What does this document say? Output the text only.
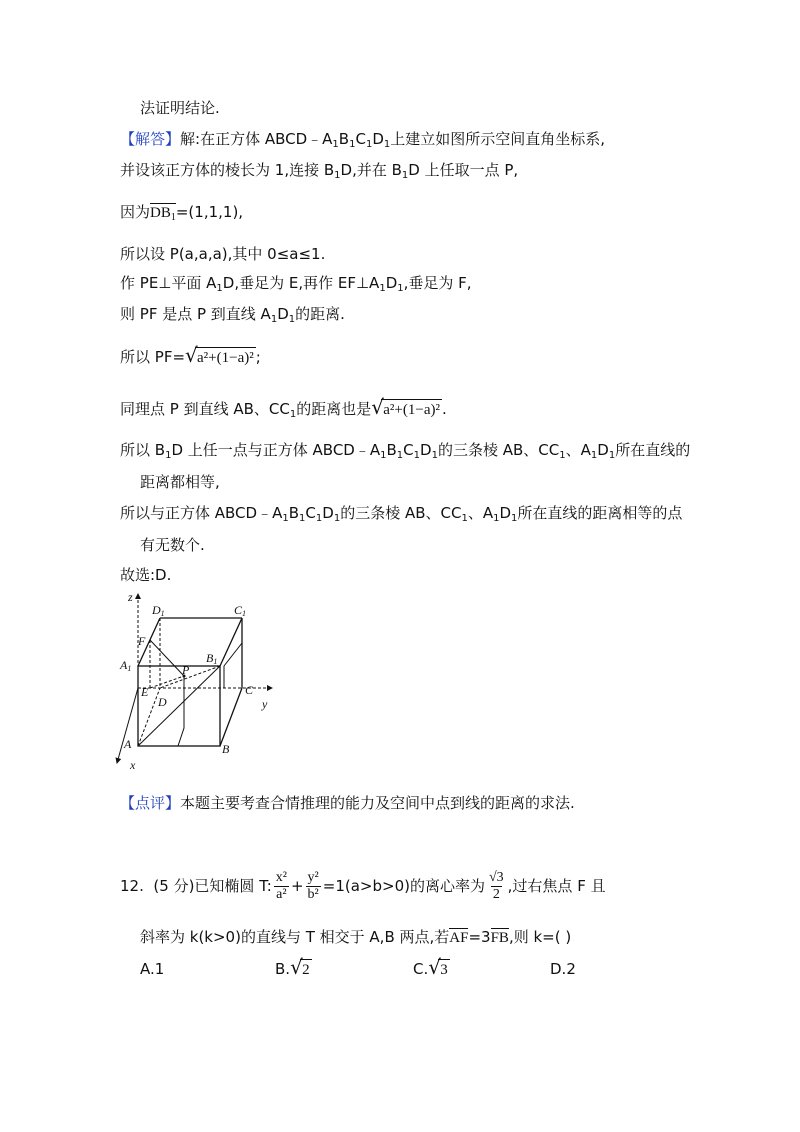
法证明结论.
【解答】解:在正方体 $ABCD﹣A_1B_1C_1D_1$上建立如图所示空间直角坐标系,
并设该正方体的棱长为 1,连接 $B_1D$,并在 $B_1D$ 上任取一点 P,
因为$DB_1=(1,1,1)$,
所以设 P(a,a,a),其中 0≤a≤1.
作 PE⊥平面 $A_1D$,垂足为 E,再作 $EF\perp A_1D_1$,垂足为 F,
则 PF 是点 P 到直线 $A_1D_1$的距离.
所以 PF= √ a²+(1−a)² ;
同理点 P 到直线 AB、$CC_1$的距离也是 √ a²+(1−a)² .
所以 $B_1D$ 上任一点与正方体 $ABCD﹣A_1B_1C_1D_1$的三条棱 AB、$CC_1$、$A_1D_1$所在直线的
距离都相等,
所以与正方体 $ABCD﹣A_1B_1C_1D_1$的三条棱 AB、$CC_1$、$A_1D_1$所在直线的距离相等的点
有无数个.
故选:D.
z
D1	C1
F
A1
B1
P
E
D
C
y
A	B
x
【点评】本题主要考查合情推理的能力及空间中点到线的距离的求法.
12. (5 分)已知椭圆 T: $\frac{\text{x²}}{\text{a²}} + \frac{\text{y²}}{\text{b²}} =1(a>b>0)$的离心率为 $\frac{√3}{2}$ ,过右焦点 F 且
斜率为 k(k>0)的直线与 T 相交于 A,B 两点,若AF=3FB,则 k=( )
A.1	B. √ 2	C. √ 3	D.2
